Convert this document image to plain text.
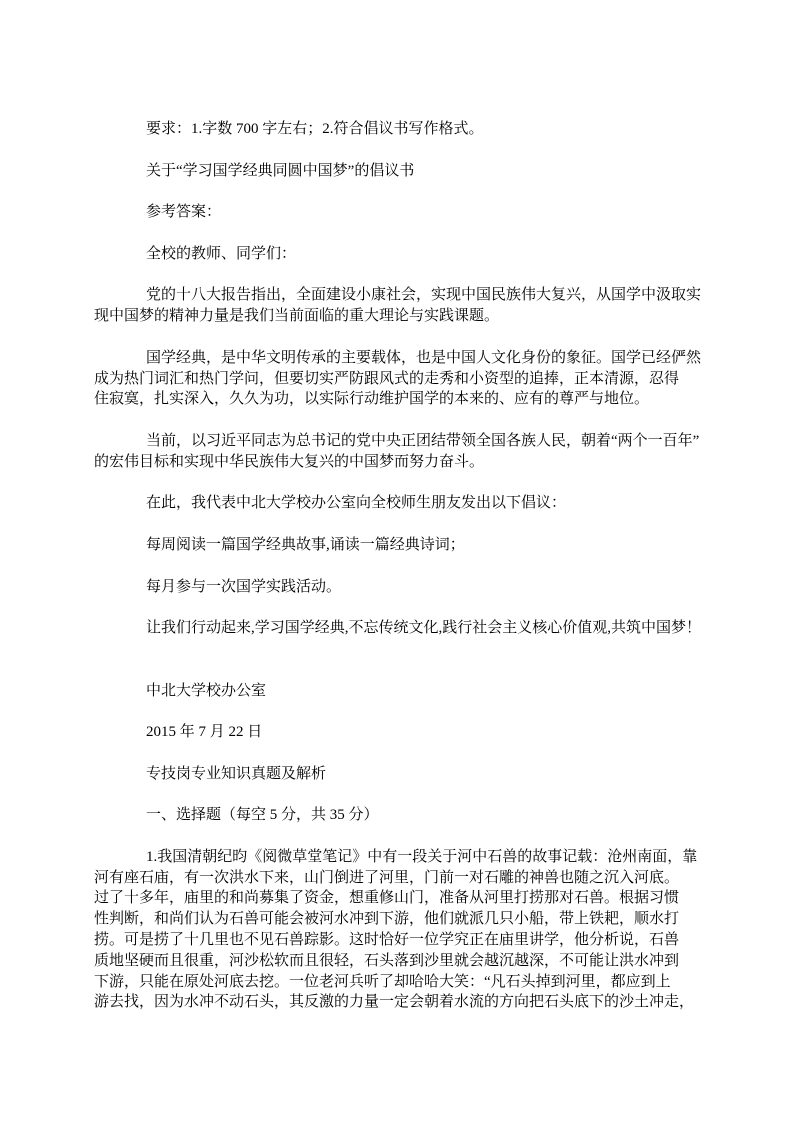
要求：1.字数 700 字左右；2.符合倡议书写作格式。
关于“学习国学经典同圆中国梦”的倡议书
参考答案：
全校的教师、同学们：
党的十八大报告指出，全面建设小康社会，实现中国民族伟大复兴，从国学中汲取实
现中国梦的精神力量是我们当前面临的重大理论与实践课题。
国学经典，是中华文明传承的主要载体，也是中国人文化身份的象征。国学已经俨然
成为热门词汇和热门学问，但要切实严防跟风式的走秀和小资型的追捧，正本清源，忍得
住寂寞，扎实深入，久久为功，以实际行动维护国学的本来的、应有的尊严与地位。
当前，以习近平同志为总书记的党中央正团结带领全国各族人民，朝着“两个一百年”
的宏伟目标和实现中华民族伟大复兴的中国梦而努力奋斗。
在此，我代表中北大学校办公室向全校师生朋友发出以下倡议：
每周阅读一篇国学经典故事,诵读一篇经典诗词；
每月参与一次国学实践活动。
让我们行动起来,学习国学经典,不忘传统文化,践行社会主义核心价值观,共筑中国梦！
中北大学校办公室
2015 年 7 月 22 日
专技岗专业知识真题及解析
一、选择题（每空 5 分，共 35 分）
1.我国清朝纪昀《阅微草堂笔记》中有一段关于河中石兽的故事记载：沧州南面，靠
河有座石庙，有一次洪水下来，山门倒进了河里，门前一对石雕的神兽也随之沉入河底。
过了十多年，庙里的和尚募集了资金，想重修山门，准备从河里打捞那对石兽。根据习惯
性判断，和尚们认为石兽可能会被河水冲到下游，他们就派几只小船，带上铁耙，顺水打
捞。可是捞了十几里也不见石兽踪影。这时恰好一位学究正在庙里讲学，他分析说，石兽
质地坚硬而且很重，河沙松软而且很轻，石头落到沙里就会越沉越深，不可能让洪水冲到
下游，只能在原处河底去挖。一位老河兵听了却哈哈大笑：“凡石头掉到河里，都应到上
游去找，因为水冲不动石头，其反激的力量一定会朝着水流的方向把石头底下的沙土冲走，
